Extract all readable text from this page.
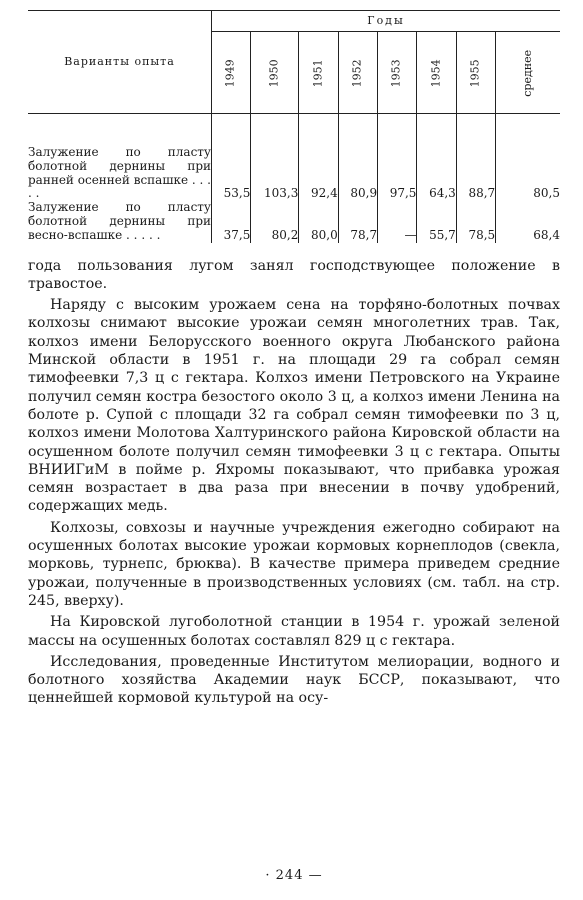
Варианты опыта	Годы							
	1949	1950	1951	1952	1953	1954	1955	среднее

Залужение по пласту болотной дернины при ранней осенней вспашке . . . . .	53,5	103,3	92,4	80,9	97,5	64,3	88,7	80,5

Залужение по пласту болотной дернины при весно-вспашке . . . . .	37,5	80,2	80,0	78,7	—	55,7	78,5	68,4

года пользования лугом занял господствующее положение в травостое.

Наряду с высоким урожаем сена на торфяно-болотных почвах колхозы снимают высокие урожаи семян многолетних трав. Так, колхоз имени Белорусского военного округа Любанского района Минской области в 1951 г. на площади 29 га собрал семян тимофеевки 7,3 ц с гектара. Колхоз имени Петровского на Украине получил семян костра безостого около 3 ц, а колхоз имени Ленина на болоте р. Супой с площади 32 га собрал семян тимофеевки по 3 ц, колхоз имени Молотова Халтуринского района Кировской области на осушенном болоте получил семян тимофеевки 3 ц с гектара. Опыты ВНИИГиМ в пойме р. Яхромы показывают, что прибавка урожая семян возрастает в два раза при внесении в почву удобрений, содержащих медь.

Колхозы, совхозы и научные учреждения ежегодно собирают на осушенных болотах высокие урожаи кормовых корнеплодов (свекла, морковь, турнепс, брюква). В качестве примера приведем средние урожаи, полученные в производственных условиях (см. табл. на стр. 245, вверху).

На Кировской лугоболотной станции в 1954 г. урожай зеленой массы на осушенных болотах составлял 829 ц с гектара.

Исследования, проведенные Институтом мелиорации, водного и болотного хозяйства Академии наук БССР, показывают, что ценнейшей кормовой культурой на осу-

· 244 —
